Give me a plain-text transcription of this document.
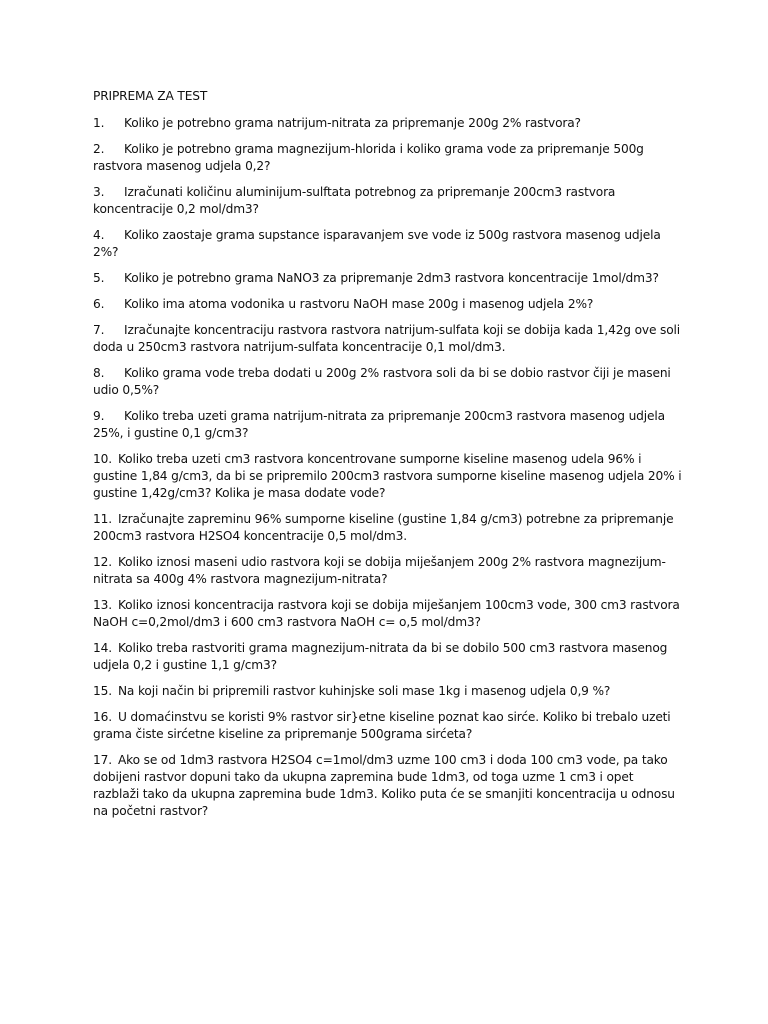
PRIPREMA ZA TEST

1. Koliko je potrebno grama natrijum-nitrata za pripremanje 200g 2% rastvora?

2. Koliko je potrebno grama magnezijum-hlorida i koliko grama vode za pripremanje 500g rastvora masenog udjela 0,2?

3. Izračunati količinu aluminijum-sulftata potrebnog za pripremanje 200cm3 rastvora koncentracije 0,2 mol/dm3?

4. Koliko zaostaje grama supstance isparavanjem sve vode iz 500g rastvora masenog udjela 2%?

5. Koliko je potrebno grama NaNO3 za pripremanje 2dm3 rastvora koncentracije 1mol/dm3?

6. Koliko ima atoma vodonika u rastvoru NaOH mase 200g i masenog udjela 2%?

7. Izračunajte koncentraciju rastvora rastvora natrijum-sulfata koji se dobija kada 1,42g ove soli doda u 250cm3 rastvora natrijum-sulfata koncentracije 0,1 mol/dm3.

8. Koliko grama vode treba dodati u 200g 2% rastvora soli da bi se dobio rastvor čiji je maseni udio 0,5%?

9. Koliko treba uzeti grama natrijum-nitrata za pripremanje 200cm3 rastvora masenog udjela 25%, i gustine 0,1 g/cm3?

10. Koliko treba uzeti cm3 rastvora koncentrovane sumporne kiseline masenog udela 96% i gustine 1,84 g/cm3, da bi se pripremilo 200cm3 rastvora sumporne kiseline masenog udjela 20% i gustine 1,42g/cm3? Kolika je masa dodate vode?

11. Izračunajte zapreminu 96% sumporne kiseline (gustine 1,84 g/cm3) potrebne za pripremanje 200cm3 rastvora H2SO4 koncentracije 0,5 mol/dm3.

12. Koliko iznosi maseni udio rastvora koji se dobija miješanjem 200g 2% rastvora magnezijum-nitrata sa 400g 4% rastvora magnezijum-nitrata?

13. Koliko iznosi koncentracija rastvora koji se dobija miješanjem 100cm3 vode, 300 cm3 rastvora NaOH c=0,2mol/dm3 i 600 cm3 rastvora NaOH c= o,5 mol/dm3?

14. Koliko treba rastvoriti grama magnezijum-nitrata da bi se dobilo 500 cm3 rastvora masenog udjela 0,2 i gustine 1,1 g/cm3?

15. Na koji način bi pripremili rastvor kuhinjske soli mase 1kg i masenog udjela 0,9 %?

16. U domaćinstvu se koristi 9% rastvor sir}etne kiseline poznat kao sirće. Koliko bi trebalo uzeti grama čiste sirćetne kiseline za pripremanje 500grama sirćeta?

17. Ako se od 1dm3 rastvora H2SO4 c=1mol/dm3 uzme 100 cm3 i doda 100 cm3 vode, pa tako dobijeni rastvor dopuni tako da ukupna zapremina bude 1dm3, od toga uzme 1 cm3 i opet razblaži tako da ukupna zapremina bude 1dm3. Koliko puta će se smanjiti koncentracija u odnosu na početni rastvor?
